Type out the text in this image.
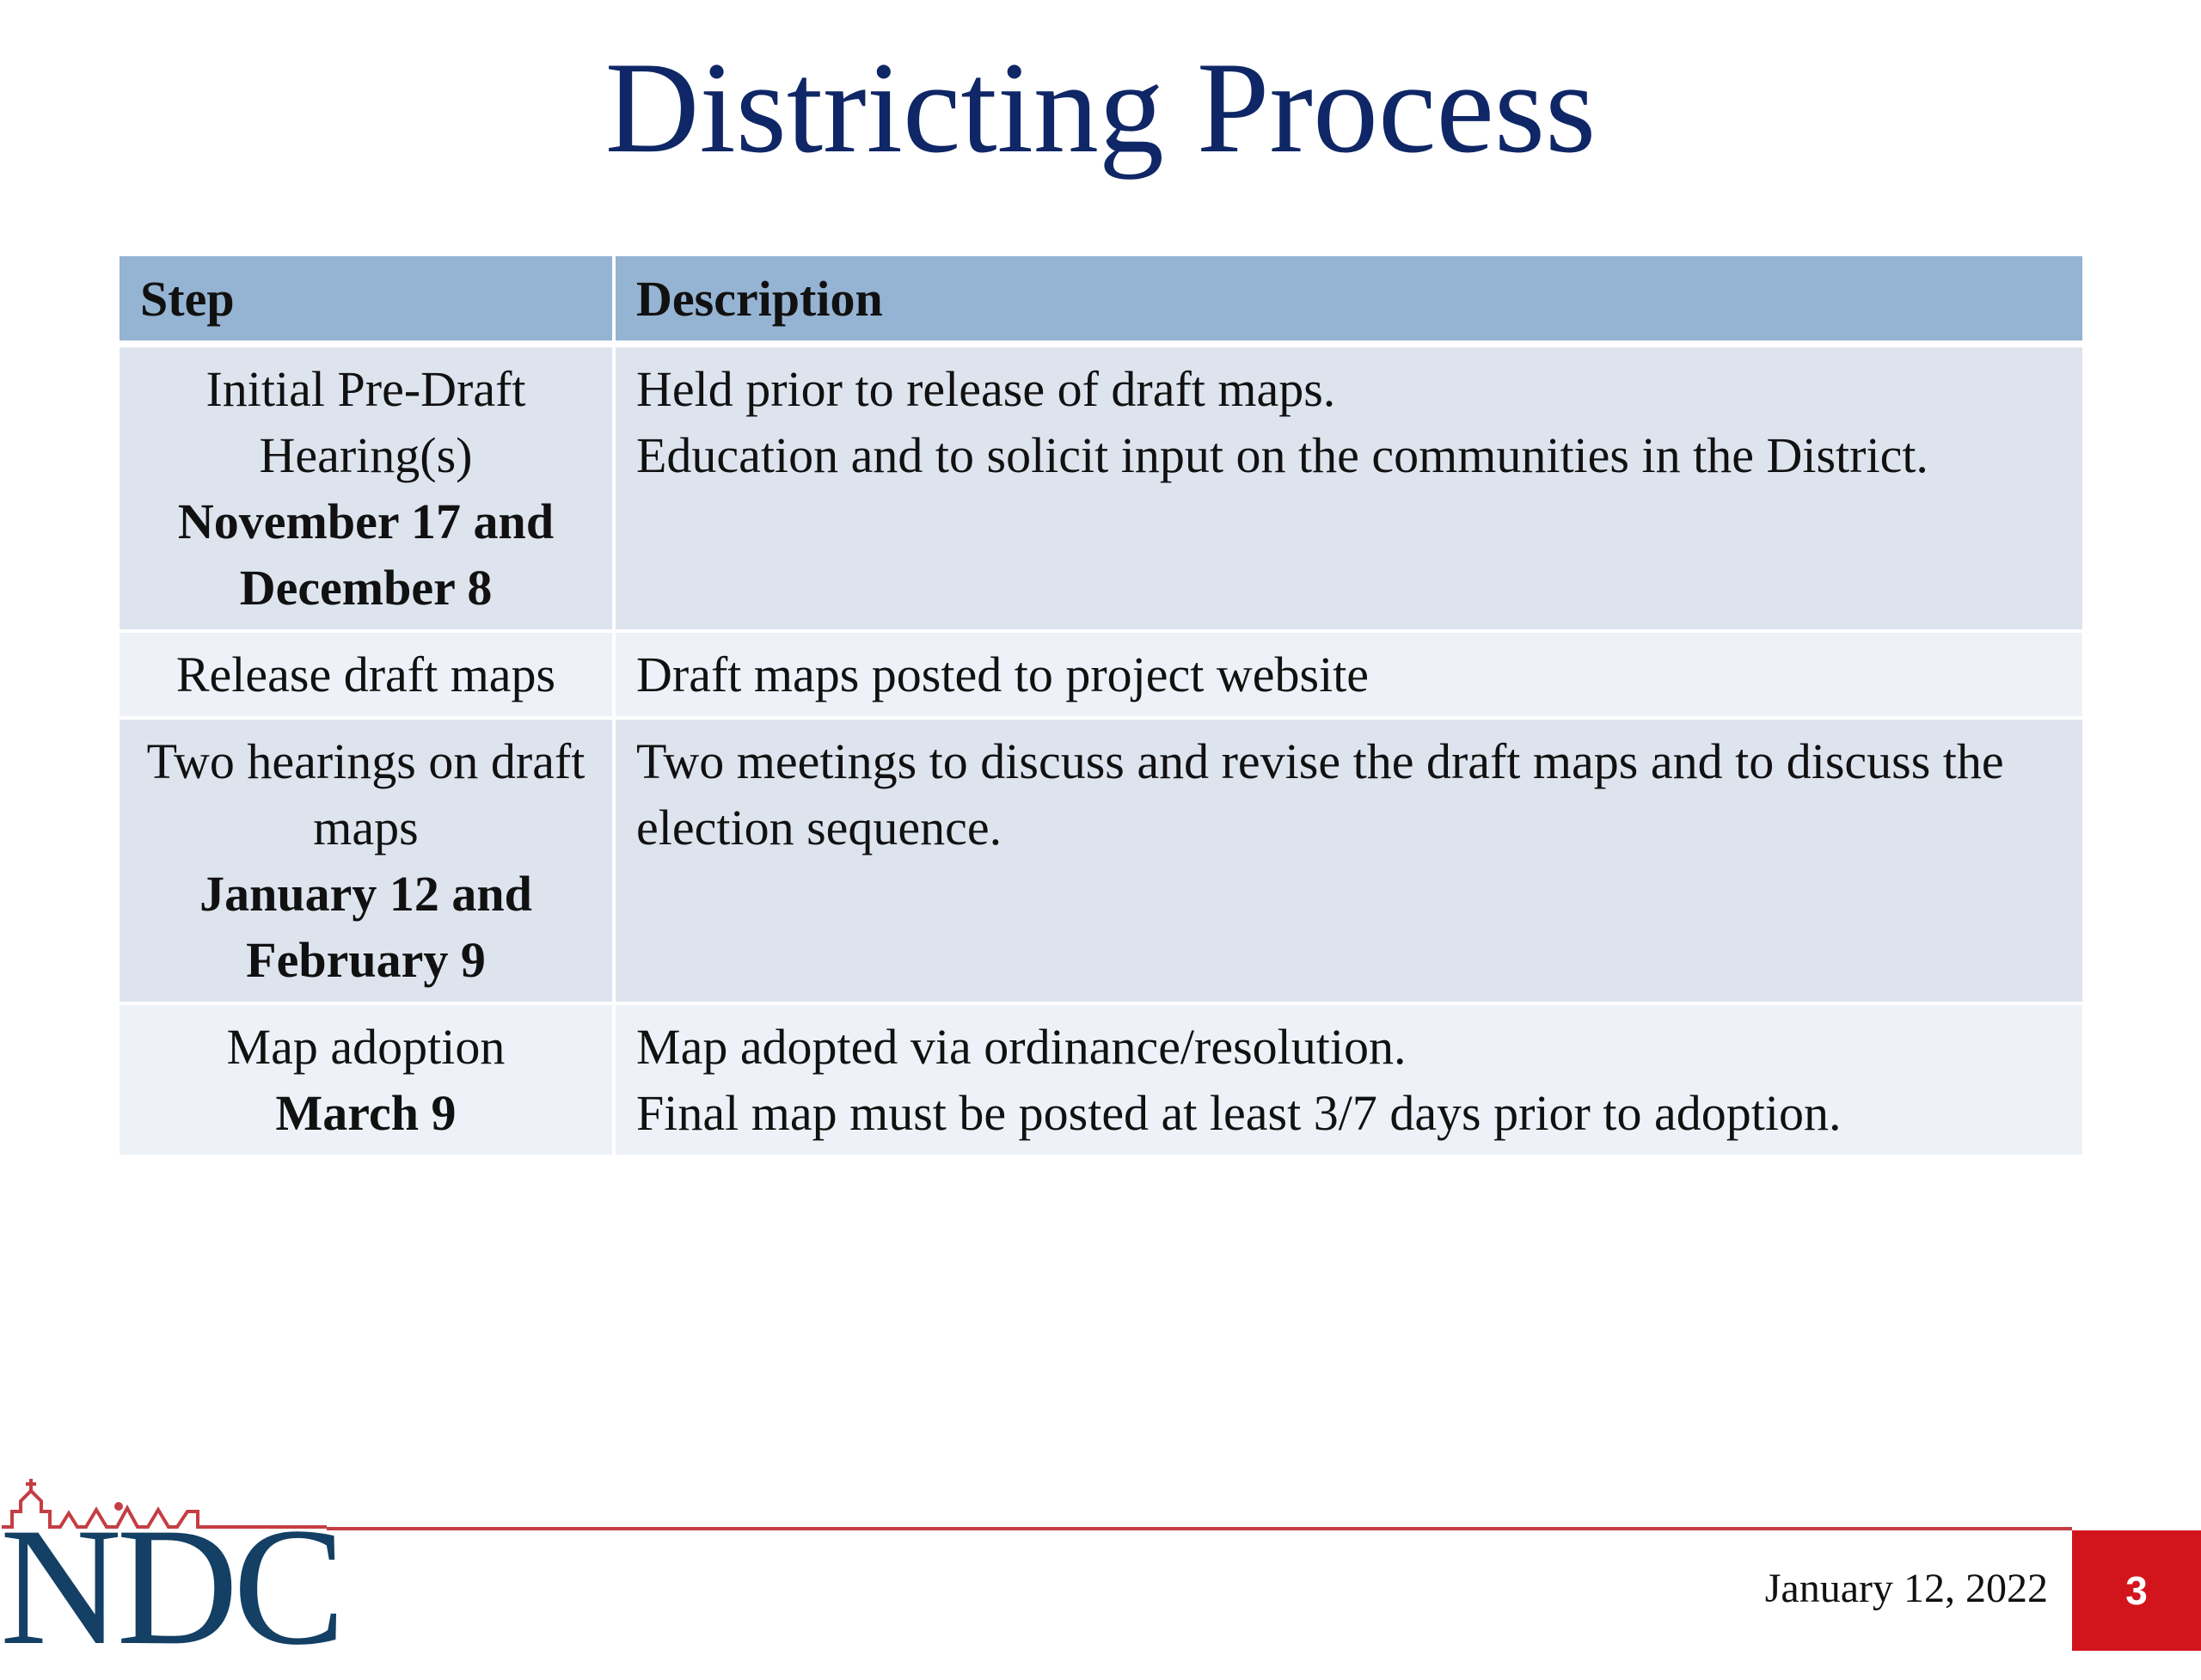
Districting Process
Step	Description

Initial Pre-Draft Hearing(s)
November 17 and December 8	Held prior to release of draft maps.
Education and to solicit input on the communities in the District.

Release draft maps	Draft maps posted to project website

Two hearings on draft maps
January 12 and February 9	Two meetings to discuss and revise the draft maps and to discuss the election sequence.

Map adoption
March 9	Map adopted via ordinance/resolution.
Final map must be posted at least 3/7 days prior to adoption.
NDC	January 12, 2022	3
